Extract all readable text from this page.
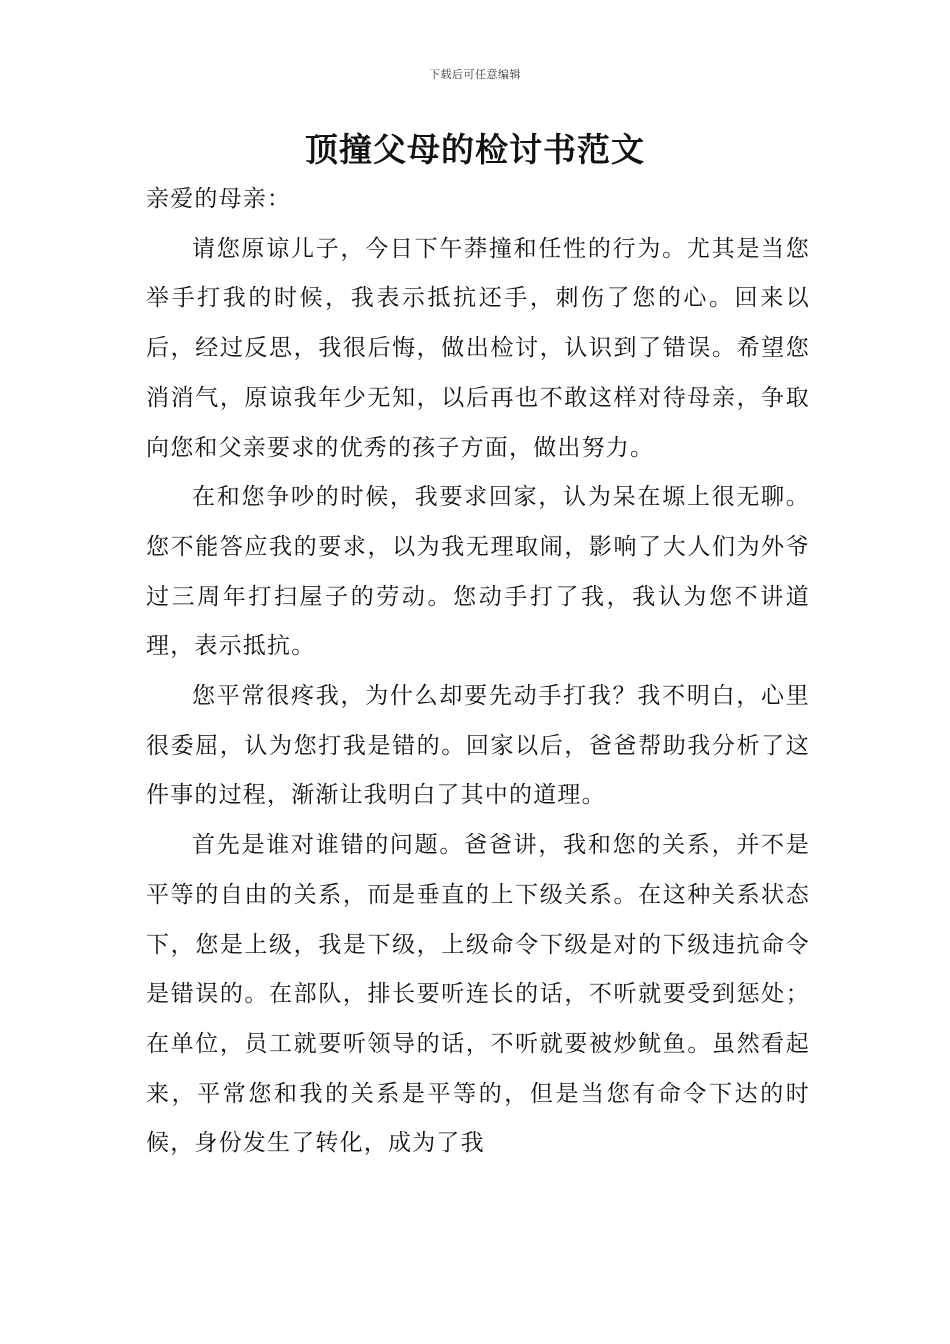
下载后可任意编辑
顶撞父母的检讨书范文

亲爱的母亲：

请您原谅儿子，今日下午莽撞和任性的行为。尤其是当您举手打我的时候，我表示抵抗还手，刺伤了您的心。回来以后，经过反思，我很后悔，做出检讨，认识到了错误。希望您消消气，原谅我年少无知，以后再也不敢这样对待母亲，争取向您和父亲要求的优秀的孩子方面，做出努力。

在和您争吵的时候，我要求回家，认为呆在塬上很无聊。您不能答应我的要求，以为我无理取闹，影响了大人们为外爷过三周年打扫屋子的劳动。您动手打了我，我认为您不讲道理，表示抵抗。

您平常很疼我，为什么却要先动手打我？我不明白，心里很委屈，认为您打我是错的。回家以后，爸爸帮助我分析了这件事的过程，渐渐让我明白了其中的道理。

首先是谁对谁错的问题。爸爸讲，我和您的关系，并不是平等的自由的关系，而是垂直的上下级关系。在这种关系状态下，您是上级，我是下级，上级命令下级是对的下级违抗命令是错误的。在部队，排长要听连长的话，不听就要受到惩处；在单位，员工就要听领导的话，不听就要被炒鱿鱼。虽然看起来，平常您和我的关系是平等的，但是当您有命令下达的时候，身份发生了转化，成为了我
